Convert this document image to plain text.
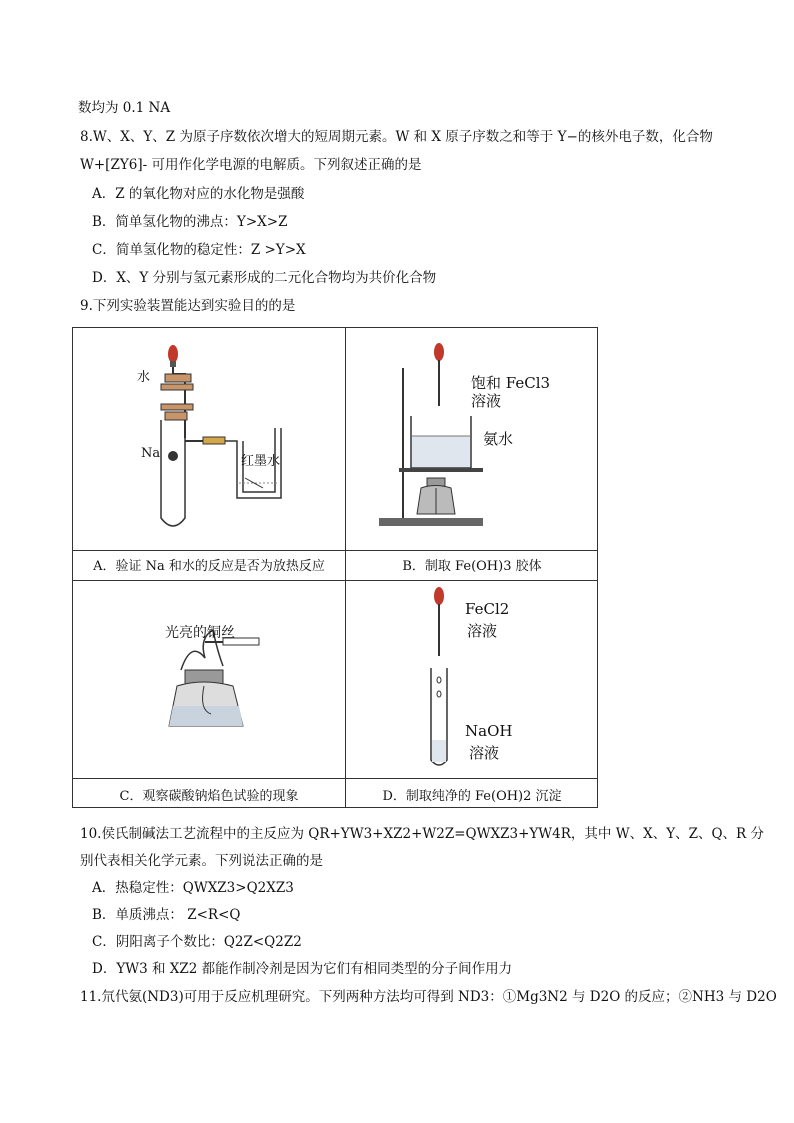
数均为 0.1 NA
8.W、X、Y、Z 为原子序数依次增大的短周期元素。W 和 X 原子序数之和等于 Y−的核外电子数，化合物
W+[ZY6]- 可用作化学电源的电解质。下列叙述正确的是
A．Z 的氧化物对应的水化物是强酸
B．简单氢化物的沸点：Y>X>Z
C．简单氢化物的稳定性：Z >Y>X
D．X、Y 分别与氢元素形成的二元化合物均为共价化合物
9.下列实验装置能达到实验目的的是
水
Na
红墨水
饱和 FeCl3
溶液
氨水
A．验证 Na 和水的反应是否为放热反应	B．制取 Fe(OH)3 胶体
光亮的铜丝
FeCl2
溶液
NaOH
溶液
C．观察碳酸钠焰色试验的现象	D．制取纯净的 Fe(OH)2 沉淀
10.侯氏制碱法工艺流程中的主反应为 QR+YW3+XZ2+W2Z=QWXZ3+YW4R，其中 W、X、Y、Z、Q、R 分
别代表相关化学元素。下列说法正确的是
A．热稳定性：QWXZ3>Q2XZ3
B．单质沸点： Z<R<Q
C．阴阳离子个数比：Q2Z<Q2Z2
D．YW3 和 XZ2 都能作制冷剂是因为它们有相同类型的分子间作用力
11.氘代氨(ND3)可用于反应机理研究。下列两种方法均可得到 ND3：①Mg3N2 与 D2O 的反应；②NH3 与 D2O
